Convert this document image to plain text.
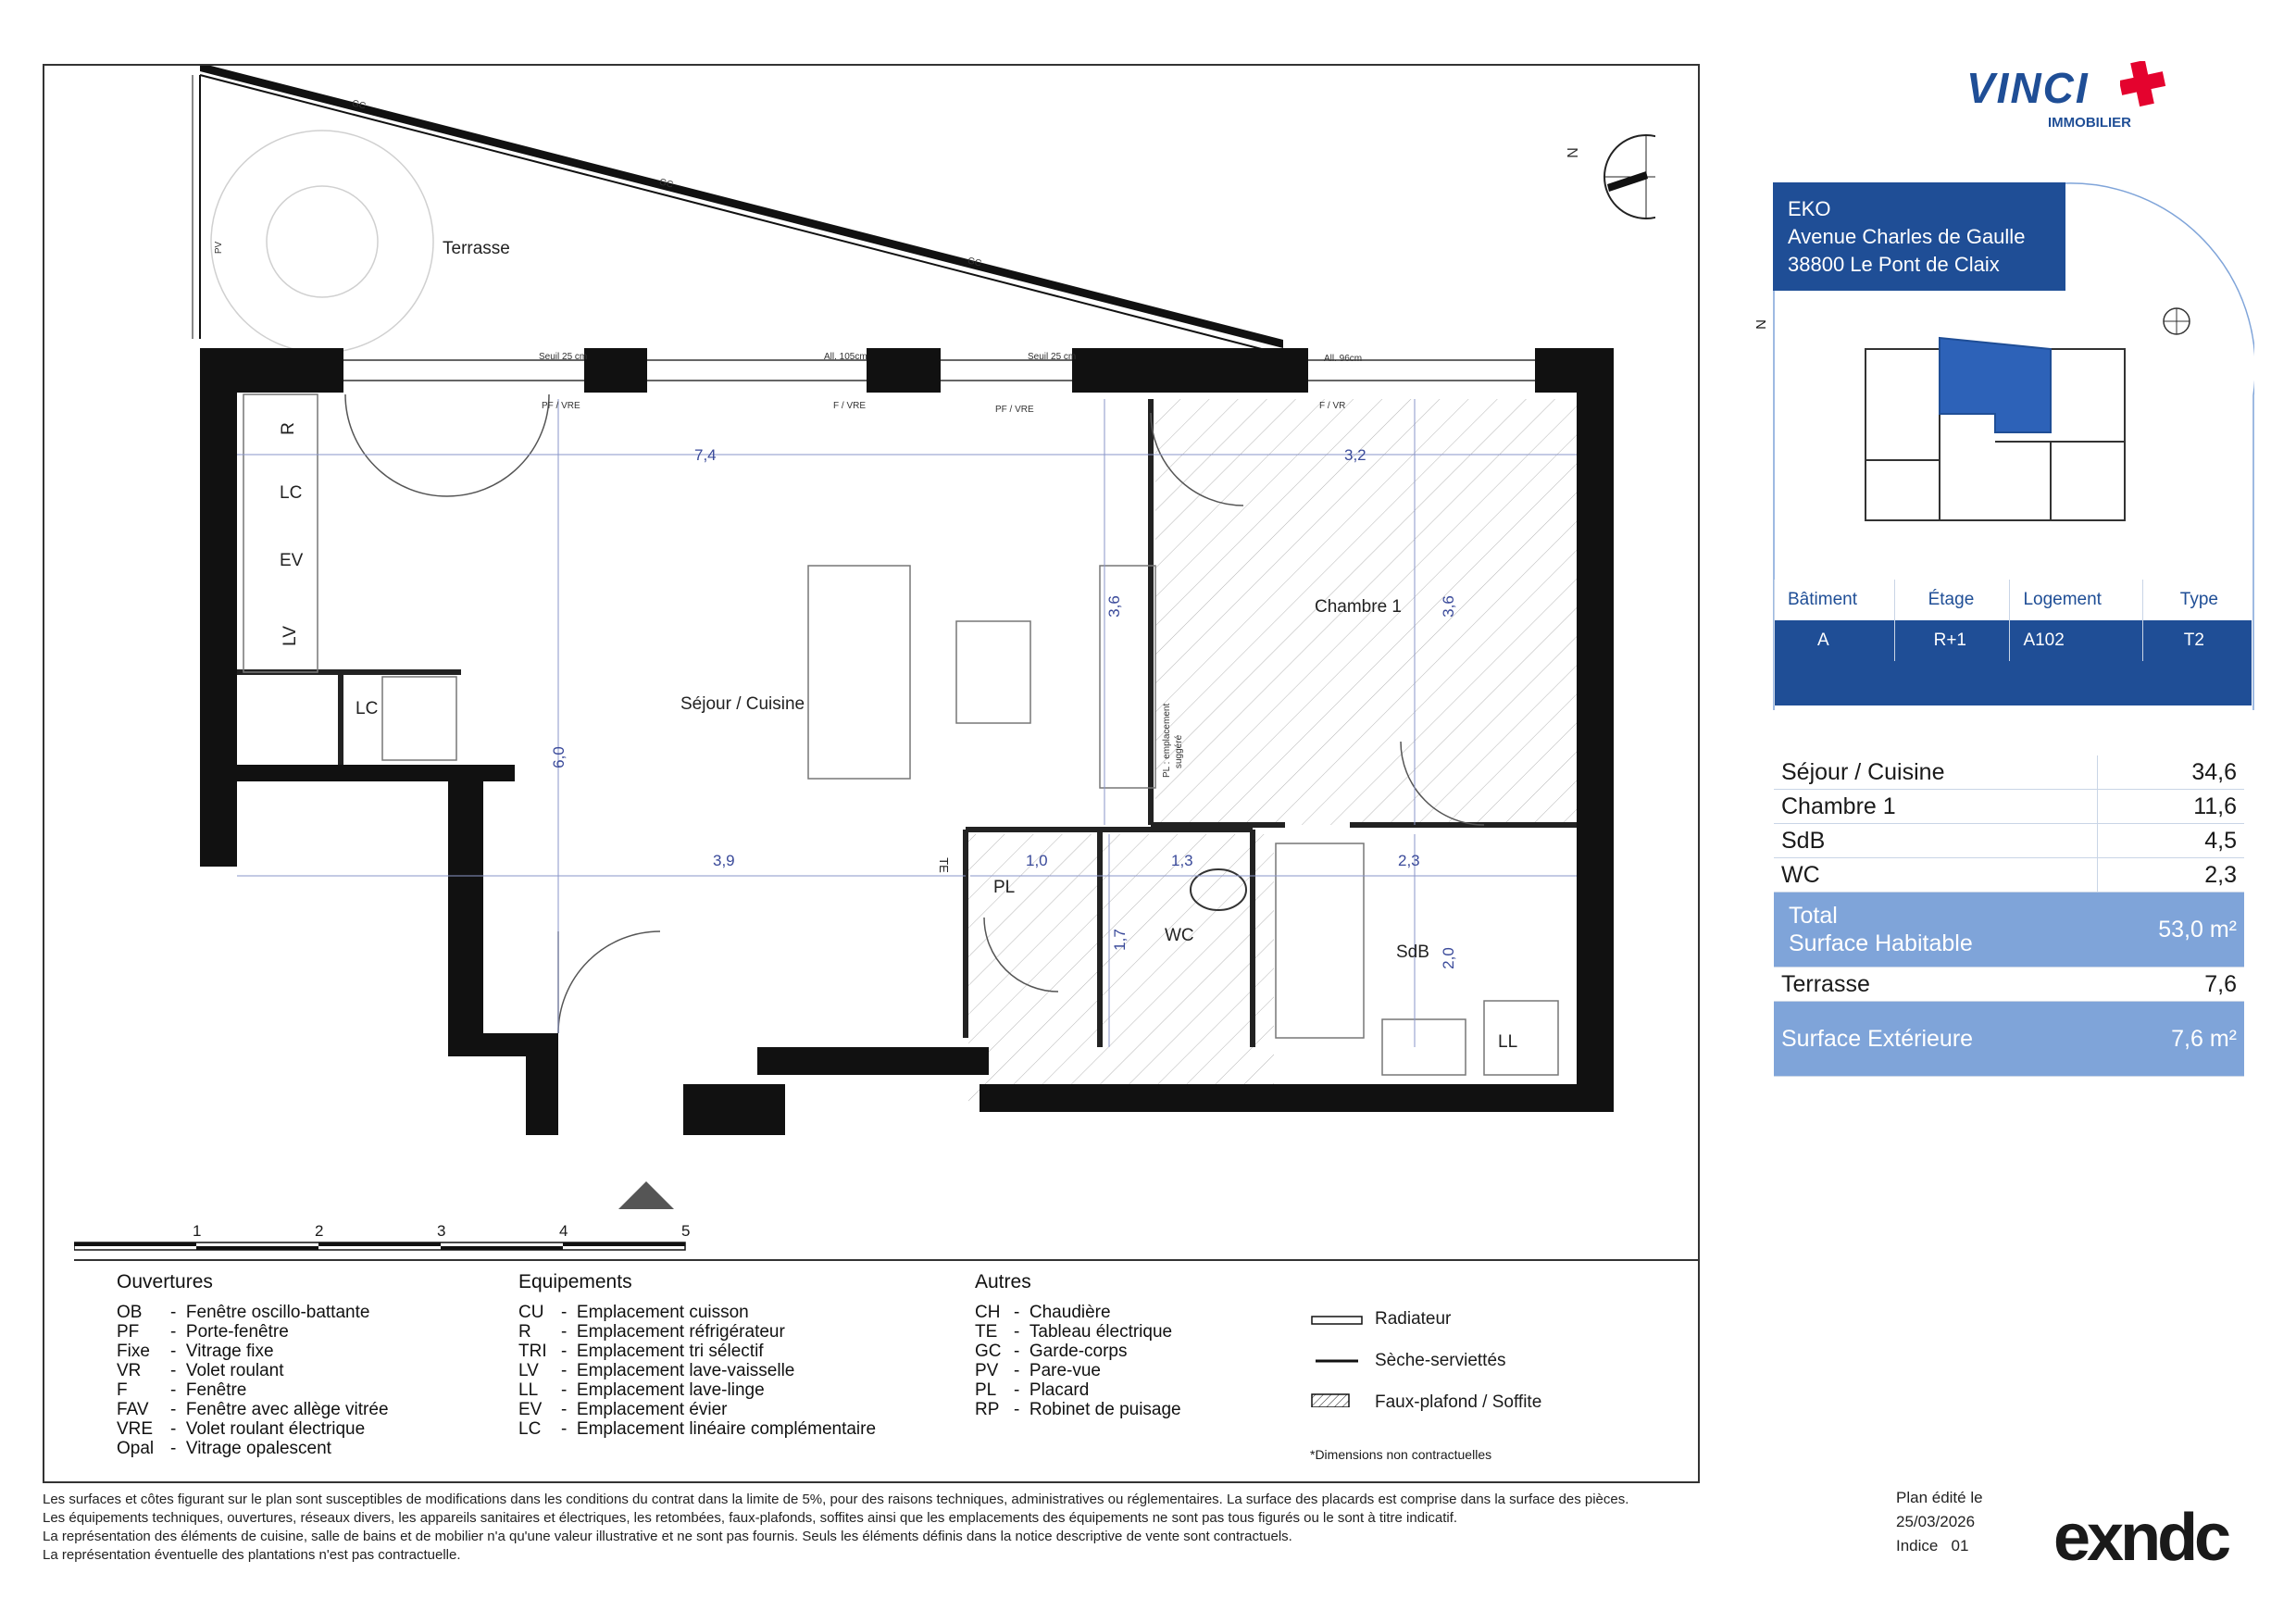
Terrasse
Séjour / Cuisine
Chambre 1
WC
SdB
PL
TE
LL
LC
LC
R
EV
LV
PL : emplacement suggéré
7,4	3,2
3,6	3,6
6,0
3,9	1,0	1,3	2,3
1,7
2,0
GC
GC
GC
PV
Seuil 25 cm	All. 105cm	Seuil 25 cm	All. 96cm
PF / VRE	F / VRE	PF / VRE	F / VR
N
1	2	3	4	5
Ouvertures
OB	- Fenêtre oscillo-battante
PF	- Porte-fenêtre
Fixe	- Vitrage fixe
VR	- Volet roulant
F	- Fenêtre
FAV	- Fenêtre avec allège vitrée
VRE - Volet roulant électrique
Opal - Vitrage opalescent
Equipements
CU - Emplacement cuisson
R	- Emplacement réfrigérateur
TRI - Emplacement tri sélectif
LV	- Emplacement lave-vaisselle
LL	- Emplacement lave-linge
EV	- Emplacement évier
LC	- Emplacement linéaire complémentaire
Autres
CH - Chaudière
TE - Tableau électrique
GC - Garde-corps
PV - Pare-vue
PL - Placard
RP - Robinet de puisage
Radiateur
Sèche-serviettés
Faux-plafond / Soffite
*Dimensions non contractuelles
VINCI
IMMOBILIER
EKO
Avenue Charles de Gaulle
38800 Le Pont de Claix
N
Bâtiment	Étage	Logement	Type
A	R+1	A102	T2

Séjour / Cuisine	34,6
Chambre 1	11,6
SdB	4,5
WC	2,3

Total
Surface Habitable	53,0 m²
Terrasse	7,6
Surface Extérieure	7,6 m²
Les surfaces et côtes figurant sur le plan sont susceptibles de modifications dans les conditions du contrat dans la limite de 5%, pour des raisons techniques, administratives ou réglementaires. La surface des placards est comprise dans la surface des pièces.
Les équipements techniques, ouvertures, réseaux divers, les appareils sanitaires et électriques, les retombées, faux-plafonds, soffites ainsi que les emplacements des équipements ne sont pas tous figurés ou le sont à titre indicatif.
La représentation des éléments de cuisine, salle de bains et de mobilier n'a qu'une valeur illustrative et ne sont pas fournis. Seuls les éléments définis dans la notice descriptive de vente sont contractuels.
La représentation éventuelle des plantations n'est pas contractuelle.
Plan édité le
25/03/2026
Indice 01 exndc
